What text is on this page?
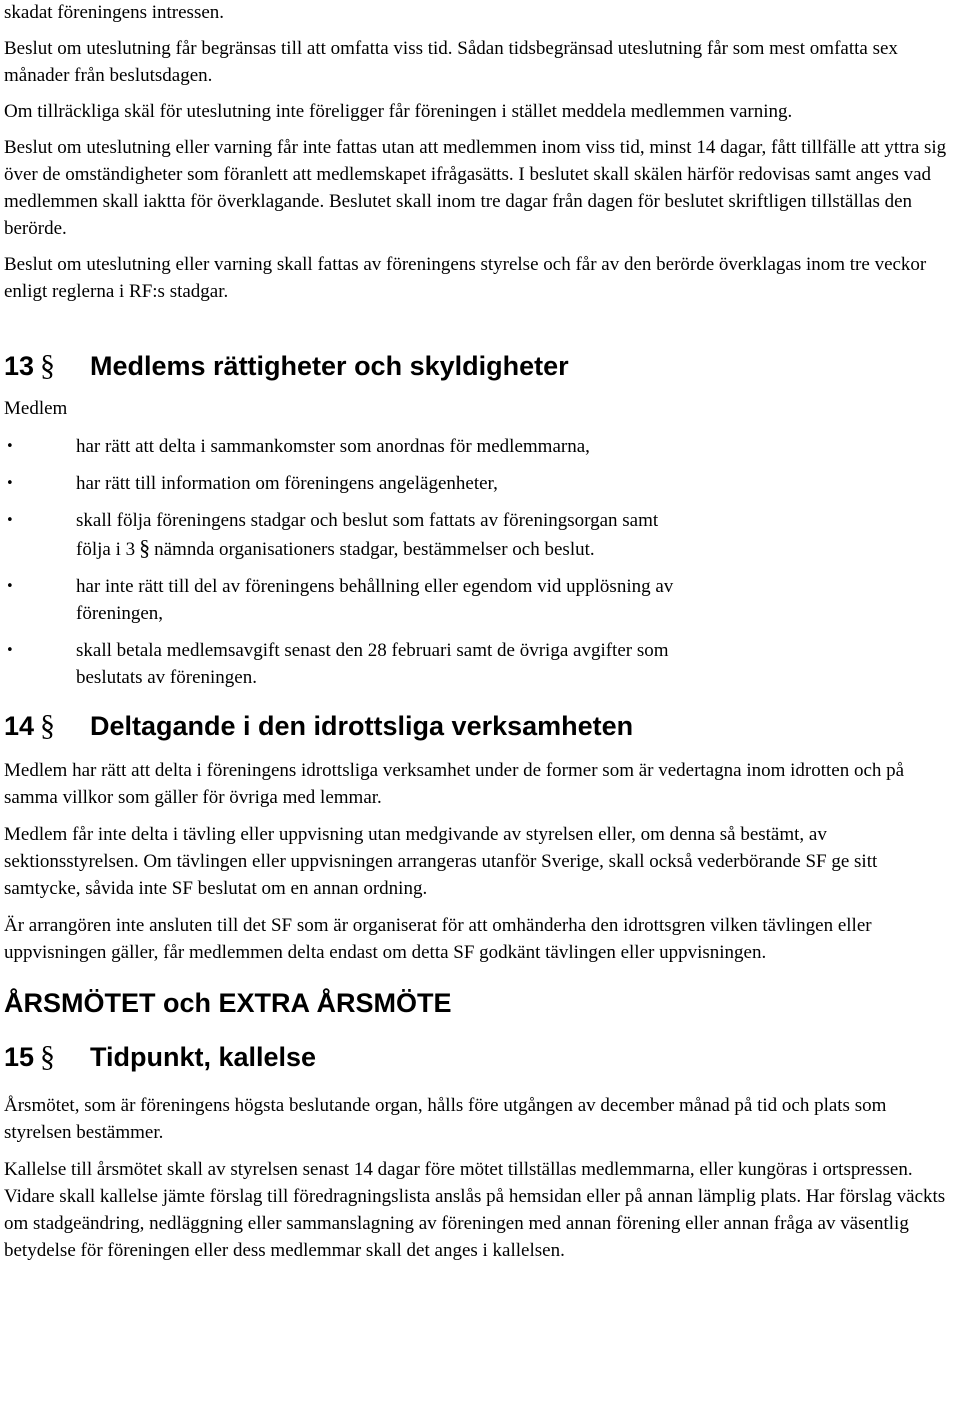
skadat föreningens intressen.

Beslut om uteslutning får begränsas till att omfatta viss tid. Sådan tidsbegränsad uteslutning får som mest omfatta sex månader från beslutsdagen.

Om tillräckliga skäl för uteslutning inte föreligger får föreningen i stället meddela medlemmen varning.

Beslut om uteslutning eller varning får inte fattas utan att medlemmen inom viss tid, minst 14 dagar, fått tillfälle att yttra sig över de omständigheter som föranlett att medlemskapet ifrågasätts. I beslutet skall skälen härför redovisas samt anges vad medlemmen skall iaktta för överklagande. Beslutet skall inom tre dagar från dagen för beslutet skriftligen tillställas den berörde.

Beslut om uteslutning eller varning skall fattas av föreningens styrelse och får av den berörde överklagas inom tre veckor enligt reglerna i RF:s stadgar.

13 § Medlems rättigheter och skyldigheter

Medlem

•	har rätt att delta i sammankomster som anordnas för medlemmarna,
•	har rätt till information om föreningens angelägenheter,
•	skall följa föreningens stadgar och beslut som fattats av föreningsorgan samt följa i 3 § nämnda organisationers stadgar, bestämmelser och beslut.
•	har inte rätt till del av föreningens behållning eller egendom vid upplösning av föreningen,
•	skall betala medlemsavgift senast den 28 februari samt de övriga avgifter som beslutats av föreningen.
14 § Deltagande i den idrottsliga verksamheten

Medlem har rätt att delta i föreningens idrottsliga verksamhet under de former som är vedertagna inom idrotten och på samma villkor som gäller för övriga med lemmar.

Medlem får inte delta i tävling eller uppvisning utan medgivande av styrelsen eller, om denna så bestämt, av sektionsstyrelsen. Om tävlingen eller uppvisningen arrangeras utanför Sverige, skall också vederbörande SF ge sitt samtycke, såvida inte SF beslutat om en annan ordning.

Är arrangören inte ansluten till det SF som är organiserat för att omhänderha den idrottsgren vilken tävlingen eller uppvisningen gäller, får medlemmen delta endast om detta SF godkänt tävlingen eller uppvisningen.

ÅRSMÖTET och EXTRA ÅRSMÖTE
15 § Tidpunkt, kallelse

Årsmötet, som är föreningens högsta beslutande organ, hålls före utgången av december månad på tid och plats som styrelsen bestämmer.

Kallelse till årsmötet skall av styrelsen senast 14 dagar före mötet tillställas medlemmarna, eller kungöras i ortspressen. Vidare skall kallelse jämte förslag till föredragningslista anslås på hemsidan eller på annan lämplig plats. Har förslag väckts om stadgeändring, nedläggning eller sammanslagning av föreningen med annan förening eller annan fråga av väsentlig betydelse för föreningen eller dess medlemmar skall det anges i kallelsen.
